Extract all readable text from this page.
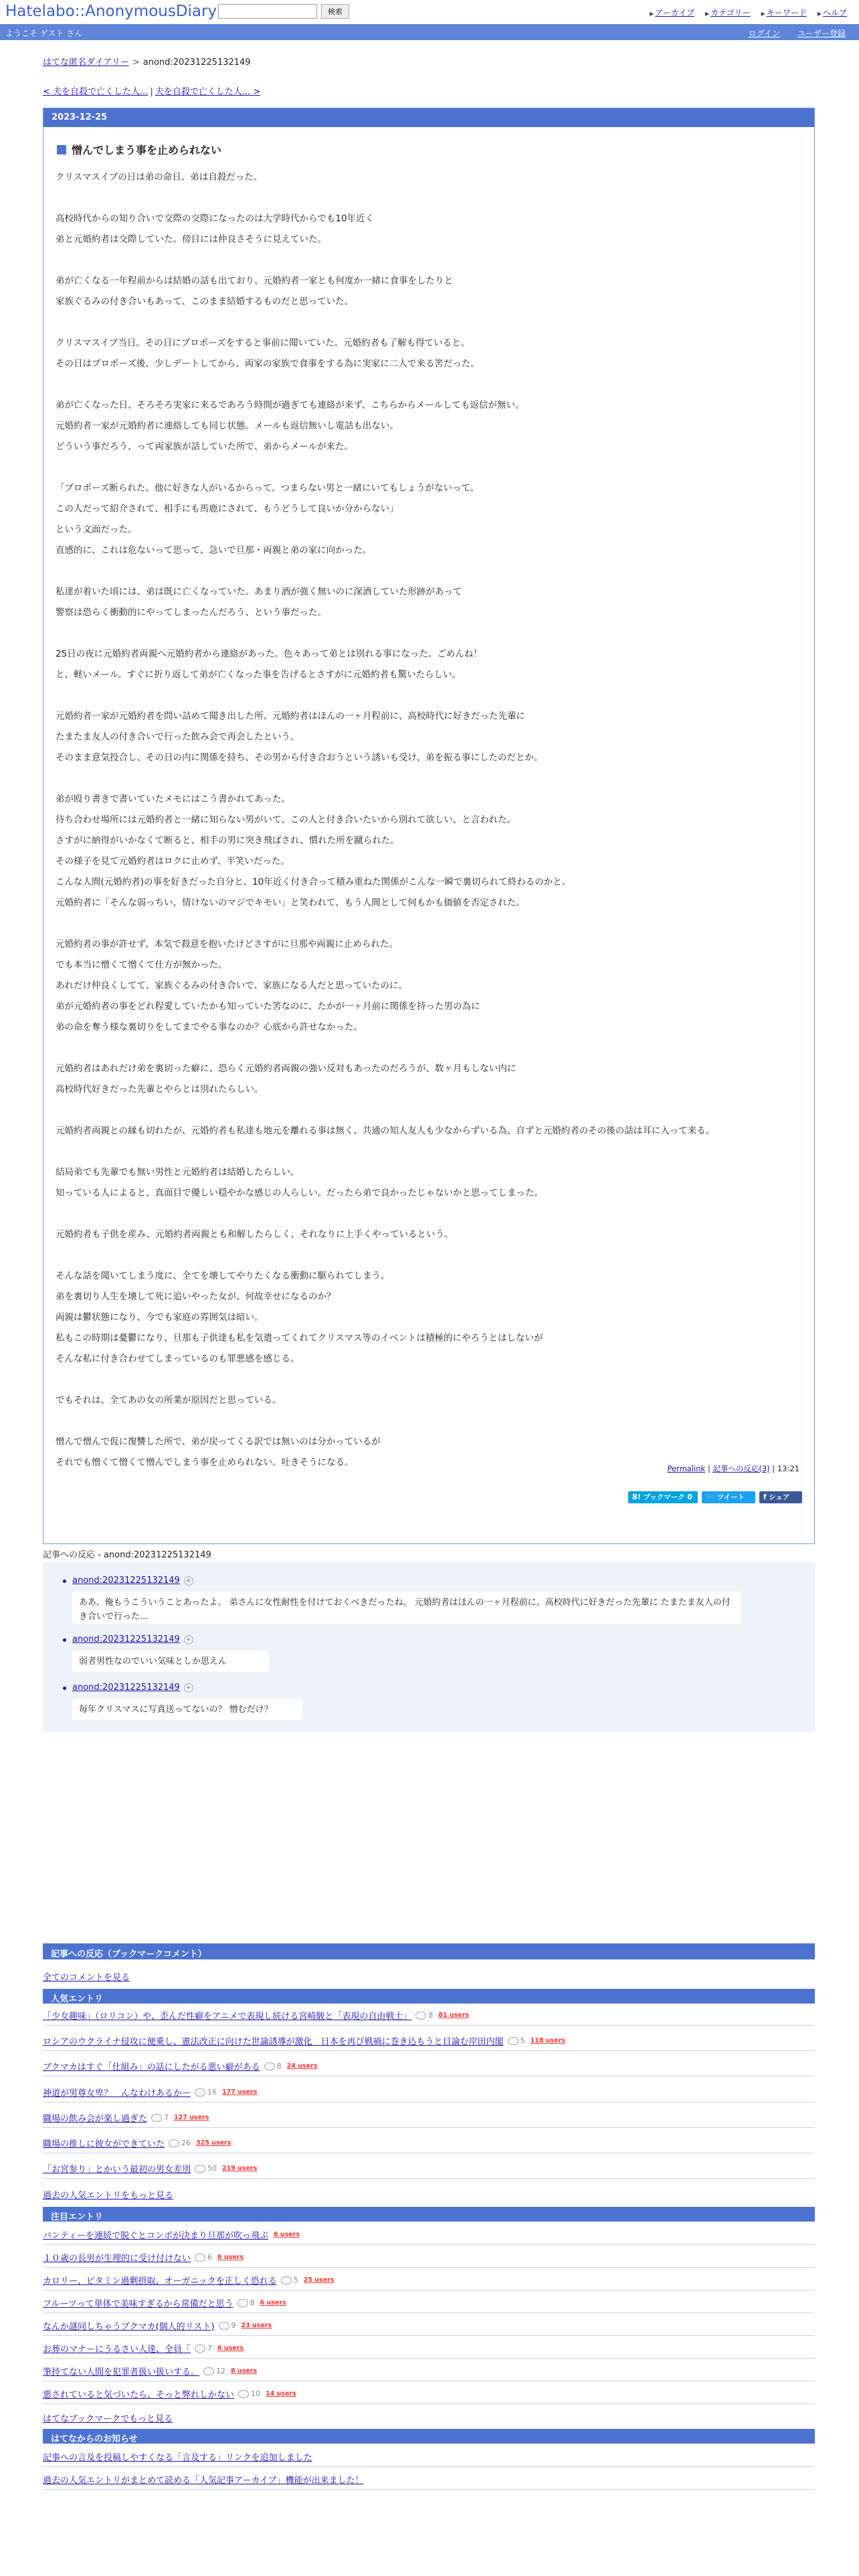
Hatelabo::AnonymousDiary	検索	▶ アーカイブ ▶ カテゴリー ▶ キーワード ▶ ヘルプ
ようこそ ゲスト さん	ログイン ユーザー登録
はてな匿名ダイアリー > anond:20231225132149
< 夫を自殺で亡くした人... | 夫を自殺で亡くした人... >
2023-12-25
憎んでしまう事を止められない

クリスマスイブの日は弟の命日。弟は自殺だった。

高校時代からの知り合いで交際の交際になったのは大学時代からでも10年近く
弟と元婚約者は交際していた。傍目には仲良さそうに見えていた。

弟が亡くなる一年程前からは結婚の話も出ており、元婚約者一家とも何度か一緒に食事をしたりと
家族ぐるみの付き合いもあって、このまま結婚するものだと思っていた。

クリスマスイブ当日。その日にプロポーズをすると事前に聞いていた。元婚約者も了解も得ていると。
その日はプロポーズ後、少しデートしてから、両家の家族で食事をする為に実家に二人で来る筈だった。

弟が亡くなった日、そろそろ実家に来るであろう時間が過ぎても連絡が来ず、こちらからメールしても返信が無い。
元婚約者一家が元婚約者に連絡しても同じ状態。メールも返信無いし電話も出ない。
どういう事だろう、って両家族が話していた所で、弟からメールが来た。

「プロポーズ断られた。他に好きな人がいるからって。つまらない男と一緒にいてもしょうがないって。
この人だって紹介されて、相手にも馬鹿にされて、もうどうして良いか分からない」
という文面だった。
直感的に、これは危ないって思って、急いで旦那・両親と弟の家に向かった。

私達が着いた頃には、弟は既に亡くなっていた。あまり酒が強く無いのに深酒していた形跡があって
警察は恐らく衝動的にやってしまったんだろう、という事だった。

25日の夜に元婚約者両親へ元婚約者から連絡があった。色々あって弟とは別れる事になった。ごめんね！
と、軽いメール。すぐに折り返して弟が亡くなった事を告げるとさすがに元婚約者も驚いたらしい。

元婚約者一家が元婚約者を問い詰めて聞き出した所、元婚約者はほんの一ヶ月程前に、高校時代に好きだった先輩に
たまたま友人の付き合いで行った飲み会で再会したという。
そのまま意気投合し、その日の内に関係を持ち、その男から付き合おうという誘いも受け、弟を振る事にしたのだとか。

弟が殴り書きで書いていたメモにはこう書かれてあった。
待ち合わせ場所には元婚約者と一緒に知らない男がいて、この人と付き合いたいから別れて欲しい、と言われた。
さすがに納得がいかなくて断ると、相手の男に突き飛ばされ、慣れた所を蹴られた。
その様子を見て元婚約者はロクに止めず、半笑いだった。
こんな人間(元婚約者)の事を好きだった自分と、10年近く付き合って積み重ねた関係がこんな一瞬で裏切られて終わるのかと。
元婚約者に「そんな弱っちい、情けないのマジでキモい」と笑われて、もう人間として何もかも価値を否定された。

元婚約者の事が許せず、本気で殺意を抱いたけどさすがに旦那や両親に止められた。
でも本当に憎くて憎くて仕方が無かった。
あれだけ仲良くしてて、家族ぐるみの付き合いで、家族になる人だと思っていたのに。
弟が元婚約者の事をどれ程愛していたかも知っていた筈なのに、たかが一ヶ月前に関係を持った男の為に
弟の命を奪う様な裏切りをしてまでやる事なのか？心底から許せなかった。

元婚約者はあれだけ弟を裏切った癖に、恐らく元婚約者両親の強い反対もあったのだろうが、数ヶ月もしない内に
高校時代好きだった先輩とやらとは別れたらしい。

元婚約者両親との縁も切れたが、元婚約者も私達も地元を離れる事は無く、共通の知人友人も少なからずいる為、自ずと元婚約者のその後の話は耳に入って来る。

結局弟でも先輩でも無い男性と元婚約者は結婚したらしい。
知っている人によると、真面目で優しい穏やかな感じの人らしい。だったら弟で良かったじゃないかと思ってしまった。

元婚約者も子供を産み、元婚約者両親とも和解したらしく、それなりに上手くやっているという。

そんな話を聞いてしまう度に、全てを壊してやりたくなる衝動に駆られてしまう。
弟を裏切り人生を壊して死に追いやった女が、何故幸せになるのか？
両親は鬱状態になり、今でも家庭の雰囲気は暗い。
私もこの時期は憂鬱になり、旦那も子供達も私を気遣ってくれてクリスマス等のイベントは積極的にやろうとはしないが
そんな私に付き合わせてしまっているのも罪悪感を感じる。

でもそれは、全てあの女の所業が原因だと思っている。

憎んで憎んで仮に復讐した所で、弟が戻ってくる訳では無いのは分かっているが
それでも憎くて憎くて憎んでしまう事を止められない。吐きそうになる。

Permalink | 記事への反応(3) | 13:21
B! ブックマーク 0	🐦 ツイート	f シェア
記事への反応 - anond:20231225132149
anond:20231225132149 +
ああ、俺もうこういうことあったよ。 弟さんに女性耐性を付けておくべきだったね。 元婚約者はほんの一ヶ月程前に、高校時代に好きだった先輩に たまたま友人の付き合いで行った...
anond:20231225132149 +
弱者男性なのでいい気味としか思えん
anond:20231225132149 +
毎年クリスマスに写真送ってないの？ 憎むだけ？
記事への反応（ブックマークコメント）
全てのコメントを見る
人気エントリ
「少女趣味」（ロリコン）や、歪んだ性癖をアニメで表現し続ける宮崎駿と「表現の自由戦士」 8 81 users
ロシアのウクライナ侵攻に便乗し、憲法改正に向けた世論誘導が激化　日本を再び戦禍に巻き込もうと目論む岸田内閣 5 118 users
ブクマカはすぐ「仕組み」の話にしたがる悪い癖がある 8 24 users
神道が男尊女卑？　んなわけあるかー 16 177 users
職場の飲み会が楽し過ぎた 7 127 users
職場の推しに彼女ができていた 26 325 users
「お宮参り」とかいう最初の男女差別 50 219 users
過去の人気エントリをもっと見る
注目エントリ
パンティーを連続で脱ぐとコンボが決まり旦那が吹っ飛ぶ 6 users
１０歳の長男が生理的に受け付けない 6 6 users
カロリー、ビタミン過剰摂取、オーガニックを正しく恐れる 5 25 users
フルーツって単体で美味すぎるから常備だと思う 8 6 users
なんか謎同しちゃうブクマカ(個人的リスト) 9 23 users
お葬のマナーにうるさい人達、全員「 7 6 users
筆持てない人間を犯罪者扱い扱いする。 12 6 users
悪されていると気づいたら、そっと弊れしかない 10 14 users
はてなブックマークでもっと見る
はてなからのお知らせ
記事への言及を投稿しやすくなる「言及する」リンクを追加しました
過去の人気エントリがまとめて読める「人気記事アーカイブ」機能が出来ました！
